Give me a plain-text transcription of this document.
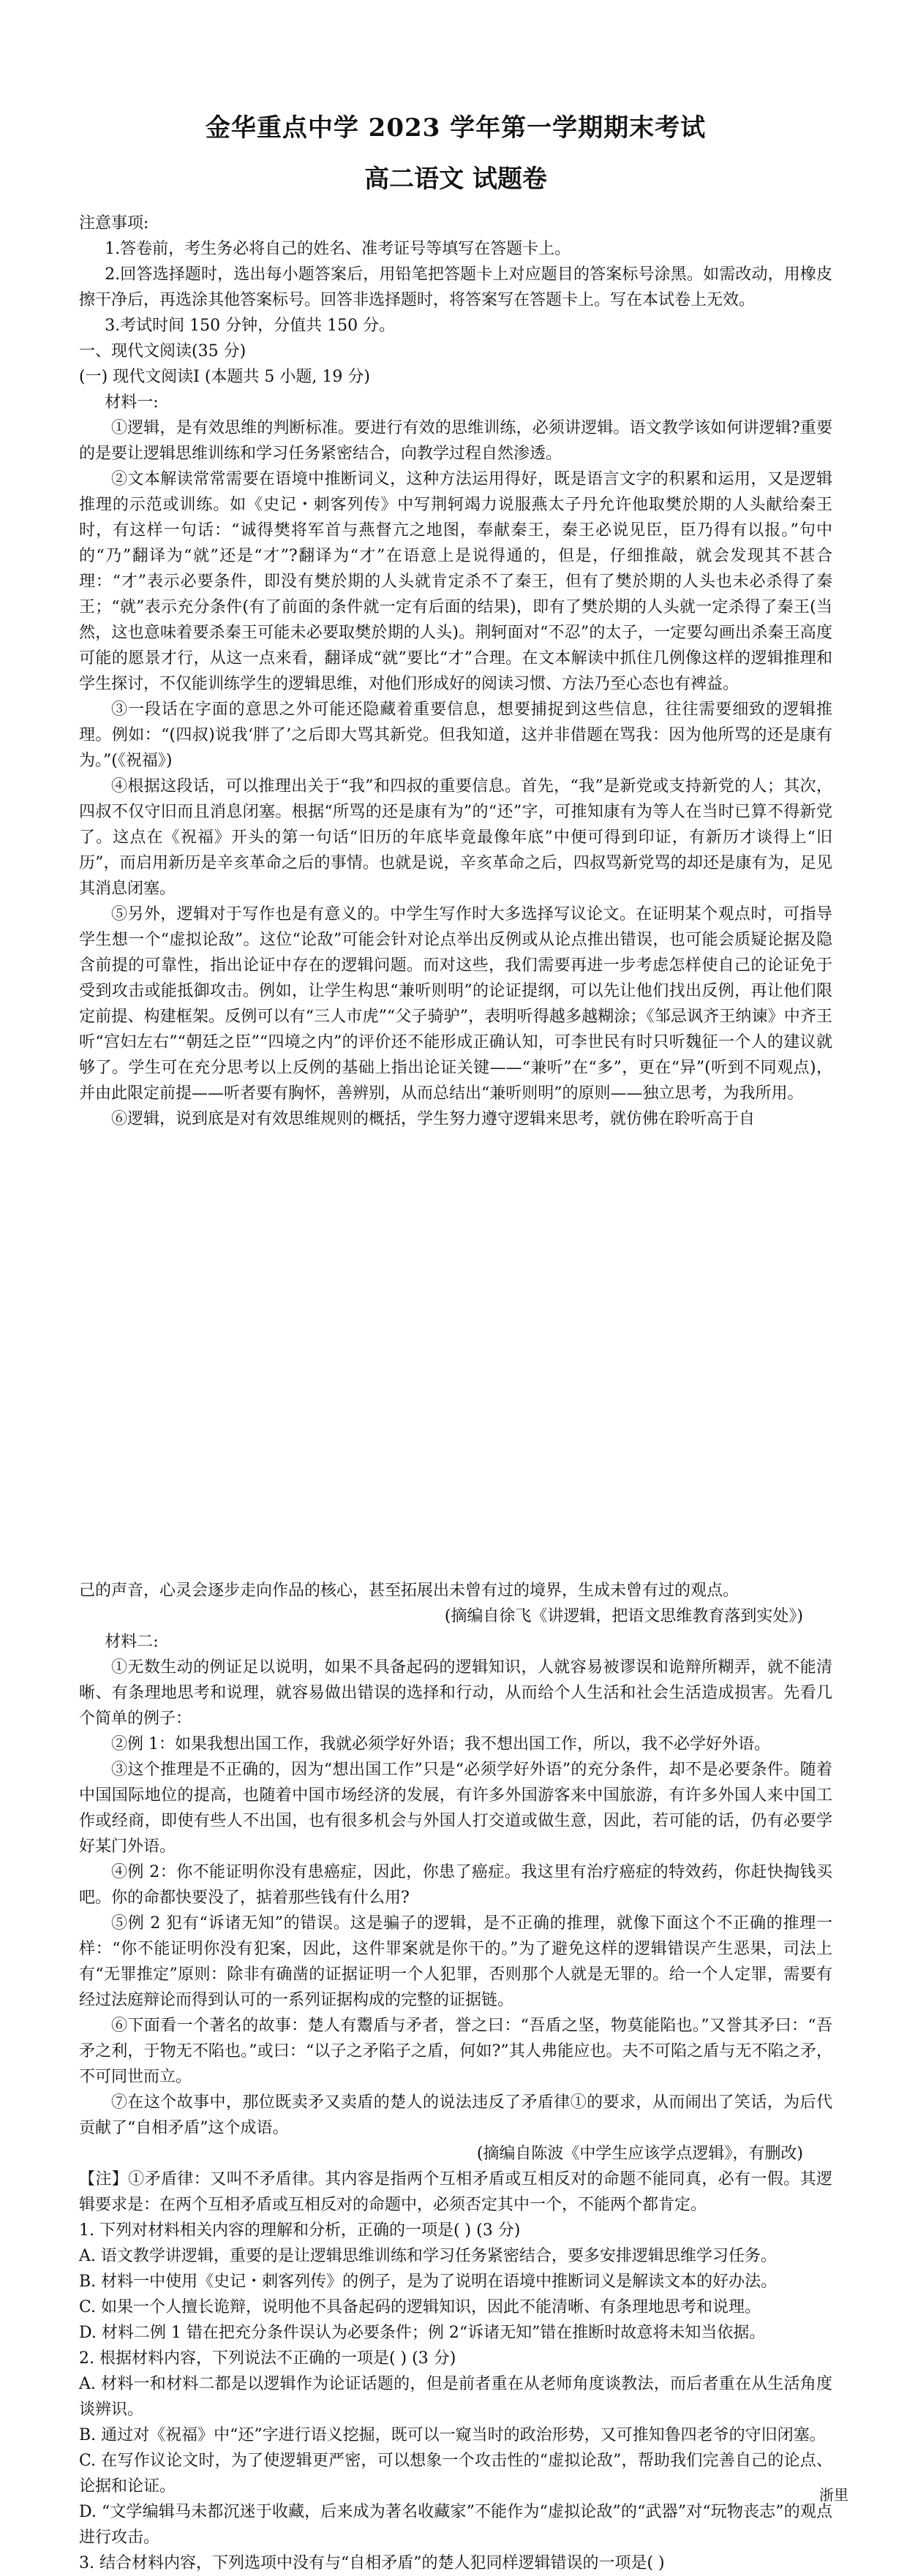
金华重点中学 2023 学年第一学期期末考试
高二语文 试题卷

注意事项:

1.答卷前，考生务必将自己的姓名、准考证号等填写在答题卡上。

2.回答选择题时，选出每小题答案后，用铅笔把答题卡上对应题目的答案标号涂黑。如需改动，用橡皮擦干净后，再选涂其他答案标号。回答非选择题时，将答案写在答题卡上。写在本试卷上无效。

3.考试时间 150 分钟，分值共 150 分。

一、现代文阅读(35 分)

(一) 现代文阅读Ⅰ (本题共 5 小题, 19 分)

材料一:

①逻辑，是有效思维的判断标准。要进行有效的思维训练，必须讲逻辑。语文教学该如何讲逻辑?重要的是要让逻辑思维训练和学习任务紧密结合，向教学过程自然渗透。

②文本解读常常需要在语境中推断词义，这种方法运用得好，既是语言文字的积累和运用，又是逻辑推理的示范或训练。如《史记・刺客列传》中写荆轲竭力说服燕太子丹允许他取樊於期的人头献给秦王时，有这样一句话：“诚得樊将军首与燕督亢之地图，奉献秦王，秦王必说见臣，臣乃得有以报。”句中的“乃”翻译为“就”还是“才”?翻译为“才”在语意上是说得通的，但是，仔细推敲，就会发现其不甚合理：“才”表示必要条件，即没有樊於期的人头就肯定杀不了秦王，但有了樊於期的人头也未必杀得了秦王；“就”表示充分条件(有了前面的条件就一定有后面的结果)，即有了樊於期的人头就一定杀得了秦王(当然，这也意味着要杀秦王可能未必要取樊於期的人头)。荆轲面对“不忍”的太子，一定要勾画出杀秦王高度可能的愿景才行，从这一点来看，翻译成“就”要比“才”合理。在文本解读中抓住几例像这样的逻辑推理和学生探讨，不仅能训练学生的逻辑思维，对他们形成好的阅读习惯、方法乃至心态也有裨益。

③一段话在字面的意思之外可能还隐藏着重要信息，想要捕捉到这些信息，往往需要细致的逻辑推理。例如：“(四叔)说我‘胖了’之后即大骂其新党。但我知道，这并非借题在骂我：因为他所骂的还是康有为。”(《祝福》)

④根据这段话，可以推理出关于“我”和四叔的重要信息。首先，“我”是新党或支持新党的人；其次，四叔不仅守旧而且消息闭塞。根据“所骂的还是康有为”的“还”字，可推知康有为等人在当时已算不得新党了。这点在《祝福》开头的第一句话“旧历的年底毕竟最像年底”中便可得到印证，有新历才谈得上“旧历”，而启用新历是辛亥革命之后的事情。也就是说，辛亥革命之后，四叔骂新党骂的却还是康有为，足见其消息闭塞。

⑤另外，逻辑对于写作也是有意义的。中学生写作时大多选择写议论文。在证明某个观点时，可指导学生想一个“虚拟论敌”。这位“论敌”可能会针对论点举出反例或从论点推出错误，也可能会质疑论据及隐含前提的可靠性，指出论证中存在的逻辑问题。而对这些，我们需要再进一步考虑怎样使自己的论证免于受到攻击或能抵御攻击。例如，让学生构思“兼听则明”的论证提纲，可以先让他们找出反例，再让他们限定前提、构建框架。反例可以有“三人市虎”“父子骑驴”，表明听得越多越糊涂；《邹忌讽齐王纳谏》中齐王听“宫妇左右”“朝廷之臣”“四境之内”的评价还不能形成正确认知，可李世民有时只听魏征一个人的建议就够了。学生可在充分思考以上反例的基础上指出论证关键——“兼听”在“多”，更在“异”(听到不同观点)，并由此限定前提——听者要有胸怀，善辨别，从而总结出“兼听则明”的原则——独立思考，为我所用。

⑥逻辑，说到底是对有效思维规则的概括，学生努力遵守逻辑来思考，就仿佛在聆听高于自

己的声音，心灵会逐步走向作品的核心，甚至拓展出未曾有过的境界，生成未曾有过的观点。

(摘编自徐飞《讲逻辑，把语文思维教育落到实处》)

材料二:

①无数生动的例证足以说明，如果不具备起码的逻辑知识，人就容易被谬误和诡辩所糊弄，就不能清晰、有条理地思考和说理，就容易做出错误的选择和行动，从而给个人生活和社会生活造成损害。先看几个简单的例子：

②例 1：如果我想出国工作，我就必须学好外语；我不想出国工作，所以，我不必学好外语。

③这个推理是不正确的，因为“想出国工作”只是“必须学好外语”的充分条件，却不是必要条件。随着中国国际地位的提高，也随着中国市场经济的发展，有许多外国游客来中国旅游，有许多外国人来中国工作或经商，即使有些人不出国，也有很多机会与外国人打交道或做生意，因此，若可能的话，仍有必要学好某门外语。

④例 2：你不能证明你没有患癌症，因此，你患了癌症。我这里有治疗癌症的特效药，你赶快掏钱买吧。你的命都快要没了，掂着那些钱有什么用?

⑤例 2 犯有“诉诸无知”的错误。这是骗子的逻辑，是不正确的推理，就像下面这个不正确的推理一样：“你不能证明你没有犯案，因此，这件罪案就是你干的。”为了避免这样的逻辑错误产生恶果，司法上有“无罪推定”原则：除非有确凿的证据证明一个人犯罪，否则那个人就是无罪的。给一个人定罪，需要有经过法庭辩论而得到认可的一系列证据构成的完整的证据链。

⑥下面看一个著名的故事：楚人有鬻盾与矛者，誉之曰：“吾盾之坚，物莫能陷也。”又誉其矛曰：“吾矛之利，于物无不陷也。”或曰：“以子之矛陷子之盾，何如?”其人弗能应也。夫不可陷之盾与无不陷之矛，不可同世而立。

⑦在这个故事中，那位既卖矛又卖盾的楚人的说法违反了矛盾律①的要求，从而闹出了笑话，为后代贡献了“自相矛盾”这个成语。

(摘编自陈波《中学生应该学点逻辑》，有删改)

【注】①矛盾律：又叫不矛盾律。其内容是指两个互相矛盾或互相反对的命题不能同真，必有一假。其逻辑要求是：在两个互相矛盾或互相反对的命题中，必须否定其中一个，不能两个都肯定。

1. 下列对材料相关内容的理解和分析，正确的一项是( ) (3 分)

A. 语文教学讲逻辑，重要的是让逻辑思维训练和学习任务紧密结合，要多安排逻辑思维学习任务。

B. 材料一中使用《史记・刺客列传》的例子，是为了说明在语境中推断词义是解读文本的好办法。

C. 如果一个人擅长诡辩，说明他不具备起码的逻辑知识，因此不能清晰、有条理地思考和说理。

D. 材料二例 1 错在把充分条件误认为必要条件；例 2“诉诸无知”错在推断时故意将未知当依据。

2. 根据材料内容，下列说法不正确的一项是( ) (3 分)

A. 材料一和材料二都是以逻辑作为论证话题的，但是前者重在从老师角度谈教法，而后者重在从生活角度谈辨识。

B. 通过对《祝福》中“还”字进行语义挖掘，既可以一窥当时的政治形势，又可推知鲁四老爷的守旧闭塞。

C. 在写作议论文时，为了使逻辑更严密，可以想象一个攻击性的“虚拟论敌”，帮助我们完善自己的论点、论据和论证。

D. “文学编辑马未都沉迷于收藏，后来成为著名收藏家”不能作为“虚拟论敌”的“武器”对“玩物丧志”的观点进行攻击。

3. 结合材料内容，下列选项中没有与“自相矛盾”的楚人犯同样逻辑错误的一项是( )

浙里
